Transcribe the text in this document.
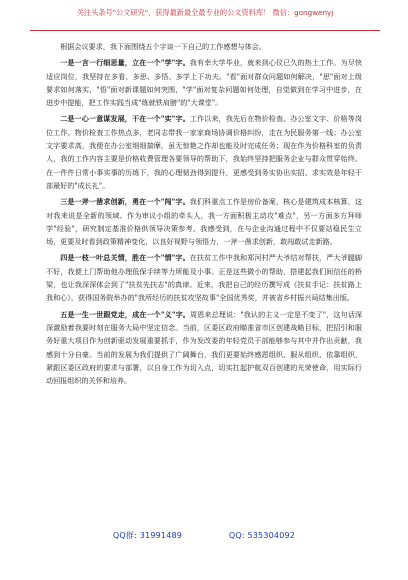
关注头条号"公文研究"，获得最新最全最专业的公文资料库！ 微信：gongwenyj

根据会议要求，我下面围绕五个字谈一下自己的工作感想与体会。

一是一言一行细思量，立在一个"学"字。我有幸大学毕业，就来到心仪已久的热土工作。为尽快适应岗位，我坚持在多看、多思、多悟、多学上下功夫。"看"面对群众问题如何解决，"思"面对上级要求如何落实，"悟"面对新课题如何突围，"学"面对复杂问题如何处理，自觉做到在学习中进步，在进步中提能，把工作实践当成"练就铁肩膀"的"大课堂"。

二是一心一意谋发展，干在一个"实"字。工作以来，我先后在物价检查、办公室文字、价格等岗位工作。物价检查工作热点多，老同志带我一家家商场协调价格纠纷，走在为民服务第一线；办公室文字要求高，我便在办公室细细揣摩，虽无惊艳之作却也能及时完成任务；现在作为价格科室的负责人，我的工作内容主要是价格收费管理各要领导的帮助下，我始终坚持把服务企业与群众贯穿始终。在一件件日常小事实事的历练下，我的心理韧劲得到提升，更感受到务实协出实招、求实效是年轻干部最好的"成长礼"。

三是一斧一凿求创新，勇在一个"闯"字。我们科重点工作是房价备案，核心是建筑成本核算，这对我来说是全新的领域。作为审议小组的牵头人，我一方面积极主动攻"难点"，另一方面多方拜师学"经验"，研究制定基准价格供领导决策参考。我感受到，在与企业沟通过程中不仅要站稳民生立场，更要及时看到政策精神变化，以良好视野与领悟力，一斧一凿求创新，敢闯敢试走新路。

四是一枝一叶总关情，胜在一个"情"字。在扶贫工作中我和郑河村严大爷结对帮扶，严大爷腿脚不好，我便上门帮助他办理低保手续等力所能及小事。正是这些微小的帮助，搭建起我们间信任的桥梁，也让我深深体会到了"扶贫先扶志"的真谛。近来，我把自己的经历撰写成《扶贫手记：扶贫路上我和心》，获得国务院举办的"我所经历的扶贫攻坚故事"全国优秀奖，并被省乡村振兴局结集出版。

五是一生一世跟党走，成在一个"义"字。周恩来总理说："我认的主义一定是不变了"，这句话深深激励着我要时刻在服务大局中坚定信念。当前，区委区政府瞄准省市区创建战略目标，把招引和服务好重大项目作为创新驱动发展重要抓手，作为发改委的年轻党员干部能够参与其中并作出贡献，我感到十分自豪。当前的发展为我们提供了广阔舞台，我们更要始终感恩组织、服从组织、依靠组织，紧跟区委区政府的要求与部署，以自身工作为切入点，切实扛起护航双百创建的光荣使命，用实际行动回报组织的关怀和培养。

QQ群: 31991489	QQ: 535304092
